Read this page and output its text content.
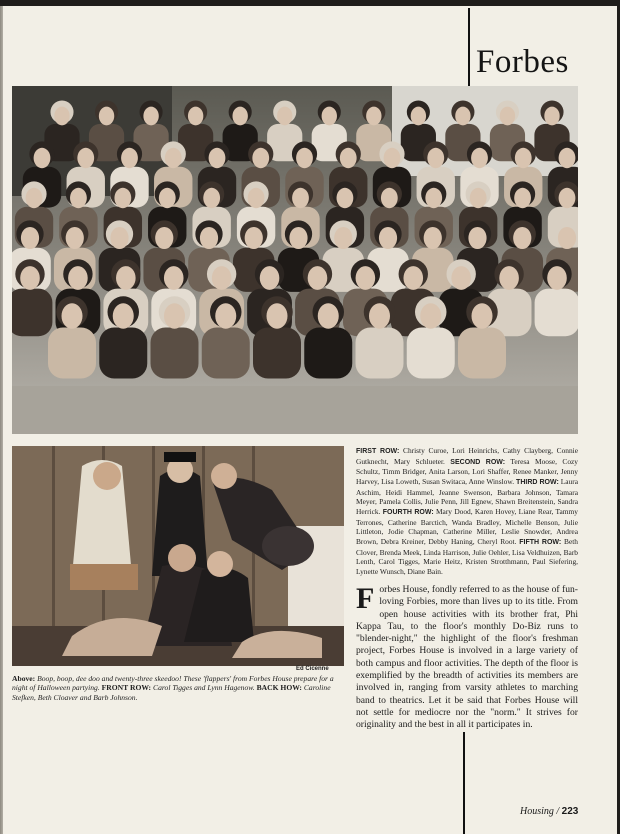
Forbes
Ed Cicenne
Above: Boop, boop, dee doo and twenty-three skeedoo! These 'flappers' from Forbes House prepare for a night of Halloween partying. FRONT ROW: Carol Tigges and Lynn Hagenow. BACK HOW: Caroline Stefken, Beth Cloaver and Barb Johnson.
FIRST ROW: Christy Curoe, Lori Heinrichs, Cathy Clayberg, Connie Gutknecht, Mary Schlueter. SECOND ROW: Teresa Moose, Cozy Schultz, Timm Bridger, Anita Larson, Lori Shaffer, Renee Manker, Jenny Harvey, Lisa Loweth, Susan Switaca, Anne Winslow. THIRD ROW: Laura Aschim, Heidi Hammel, Jeanne Swenson, Barbara Johnson, Tamara Meyer, Pamela Collis, Julie Penn, Jill Egnew, Shawn Breitenstein, Sandra Herrick. FOURTH ROW: Mary Dood, Karen Hovey, Liane Rear, Tammy Terrones, Catherine Barctich, Wanda Bradley, Michelle Benson, Julie Littleton, Jodie Chapman, Catherine Miller, Leslie Snowder, Andrea Brown, Debra Kreiner, Debby Haning, Cheryl Root. FIFTH ROW: Beth Clover, Brenda Meek, Linda Harrison, Julie Oehler, Lisa Veldhuizen, Barb Lenth, Carol Tigges, Marie Heitz, Kristen Strotthmann, Paul Siefering, Lynette Wunsch, Diane Bain.
Forbes House, fondly referred to as the house of fun-loving Forbies, more than lives up to its title. From open house activities with its brother frat, Phi Kappa Tau, to the floor's monthly Do-Biz runs to "blender-night," the highlight of the floor's freshman project, Forbes House is involved in a large variety of both campus and floor activities. The depth of the floor is exemplified by the breadth of activities its members are involved in, ranging from varsity athletes to marching band to theatrics. Let it be said that Forbes House will not settle for mediocre nor the "norm." It strives for originality and the best in all it participates in.
Housing / 223
